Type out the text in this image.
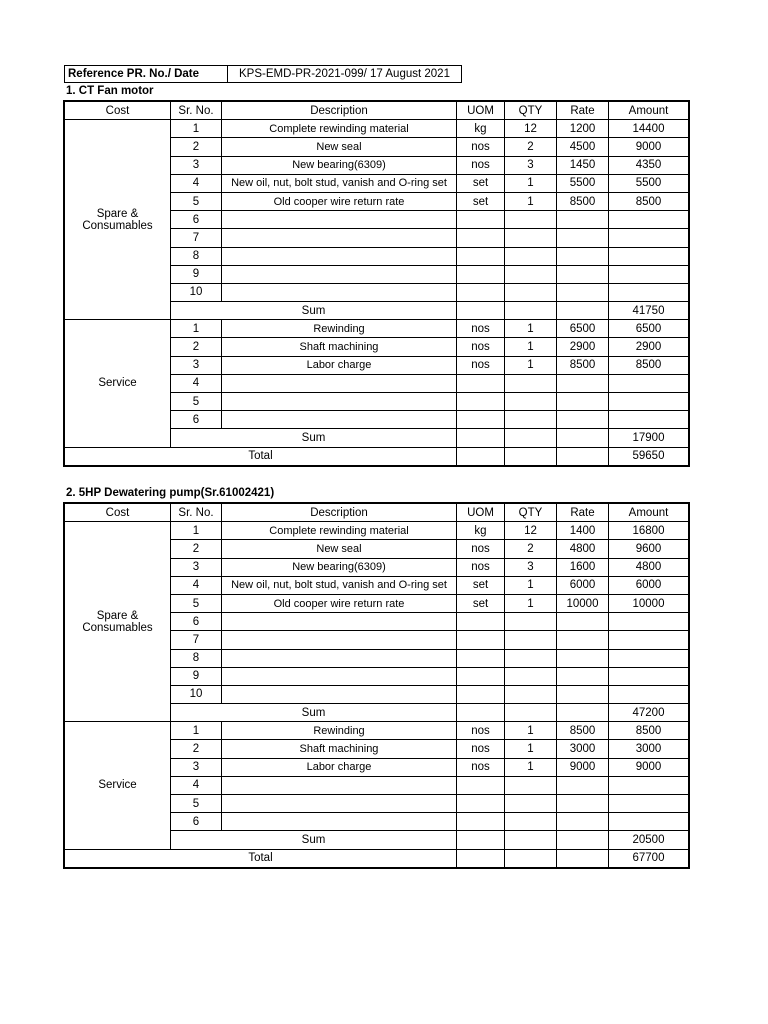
Reference PR. No./ Date	KPS-EMD-PR-2021-099/ 17 August 2021
1. CT Fan motor
Cost	Sr. No.	Description	UOM	QTY	Rate	Amount
Spare & Consumables	1	Complete rewinding material	kg	12	1200	14400
	2	New seal	nos	2	4500	9000
	3	New bearing(6309)	nos	3	1450	4350
	4	New oil, nut, bolt stud, vanish and O-ring set	set	1	5500	5500
	5	Old cooper wire return rate	set	1	8500	8500
	6					
	7					
	8					
	9					
	10					
	Sum					41750
Service	1	Rewinding	nos	1	6500	6500
	2	Shaft machining	nos	1	2900	2900
	3	Labor charge	nos	1	8500	8500
	4					
	5					
	6					
	Sum					17900
Total						59650
2. 5HP Dewatering pump(Sr.61002421)
Cost	Sr. No.	Description	UOM	QTY	Rate	Amount
Spare & Consumables	1	Complete rewinding material	kg	12	1400	16800
	2	New seal	nos	2	4800	9600
	3	New bearing(6309)	nos	3	1600	4800
	4	New oil, nut, bolt stud, vanish and O-ring set	set	1	6000	6000
	5	Old cooper wire return rate	set	1	10000	10000
	6					
	7					
	8					
	9					
	10					
	Sum					47200
Service	1	Rewinding	nos	1	8500	8500
	2	Shaft machining	nos	1	3000	3000
	3	Labor charge	nos	1	9000	9000
	4					
	5					
	6					
	Sum					20500
Total						67700
